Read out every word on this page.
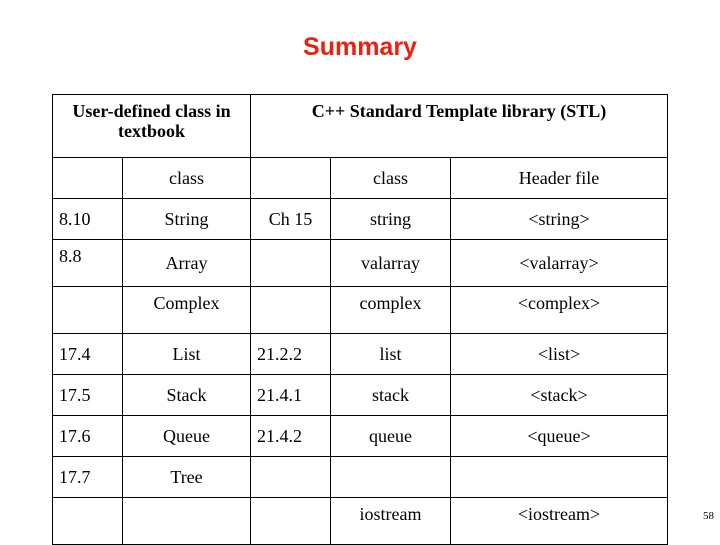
Summary
User-defined class in textbook		C++ Standard Template library (STL)		
	class		class	Header file
8.10	String	Ch 15	string	<string>
8.8	Array		valarray	<valarray>
	Complex		complex	<complex>
17.4	List	21.2.2	list	<list>
17.5	Stack	21.4.1	stack	<stack>
17.6	Queue	21.4.2	queue	<queue>
17.7	Tree			
			iostream	<iostream>	58
